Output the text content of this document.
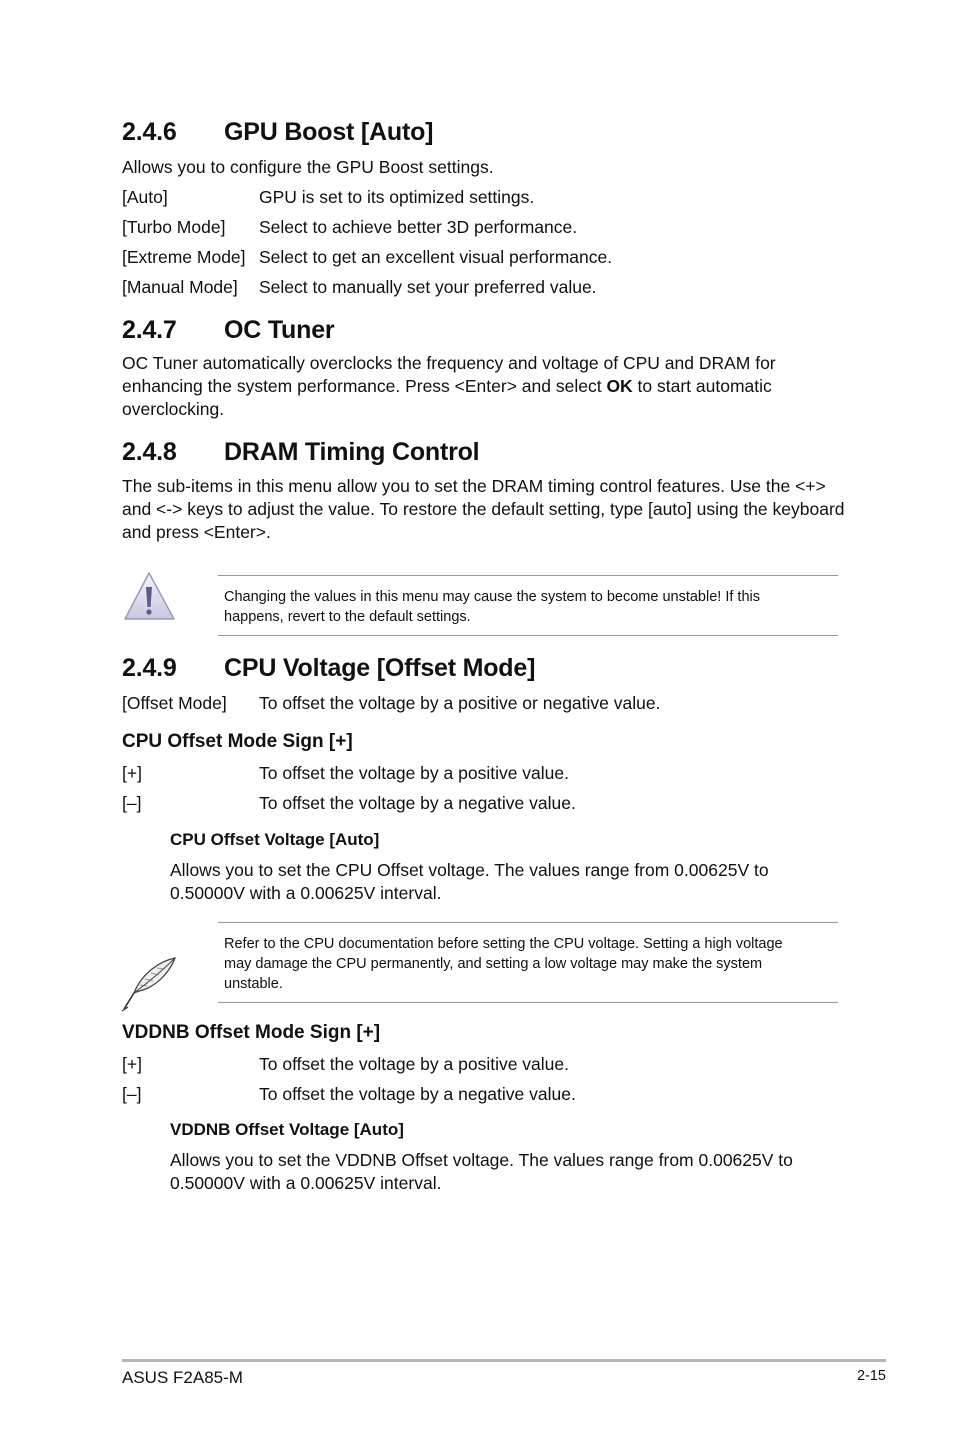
2.4.6 GPU Boost [Auto]
Allows you to configure the GPU Boost settings.
[Auto]	GPU is set to its optimized settings.
[Turbo Mode] Select to achieve better 3D performance.
[Extreme Mode] Select to get an excellent visual performance.
[Manual Mode] Select to manually set your preferred value.
2.4.7 OC Tuner
OC Tuner automatically overclocks the frequency and voltage of CPU and DRAM for
enhancing the system performance. Press <Enter> and select OK to start automatic
overclocking.
2.4.8 DRAM Timing Control
The sub-items in this menu allow you to set the DRAM timing control features. Use the <+>
and <-> keys to adjust the value. To restore the default setting, type [auto] using the keyboard
and press <Enter>.
Changing the values in this menu may cause the system to become unstable! If this
happens, revert to the default settings.
2.4.9 CPU Voltage [Offset Mode]
[Offset Mode] To offset the voltage by a positive or negative value.
CPU Offset Mode Sign [+]
[+]	To offset the voltage by a positive value.
[–]	To offset the voltage by a negative value.
CPU Offset Voltage [Auto]
Allows you to set the CPU Offset voltage. The values range from 0.00625V to
0.50000V with a 0.00625V interval.
Refer to the CPU documentation before setting the CPU voltage. Setting a high voltage
may damage the CPU permanently, and setting a low voltage may make the system
unstable.
VDDNB Offset Mode Sign [+]
[+]	To offset the voltage by a positive value.
[–]	To offset the voltage by a negative value.
VDDNB Offset Voltage [Auto]
Allows you to set the VDDNB Offset voltage. The values range from 0.00625V to
0.50000V with a 0.00625V interval.
ASUS F2A85-M	2-15
